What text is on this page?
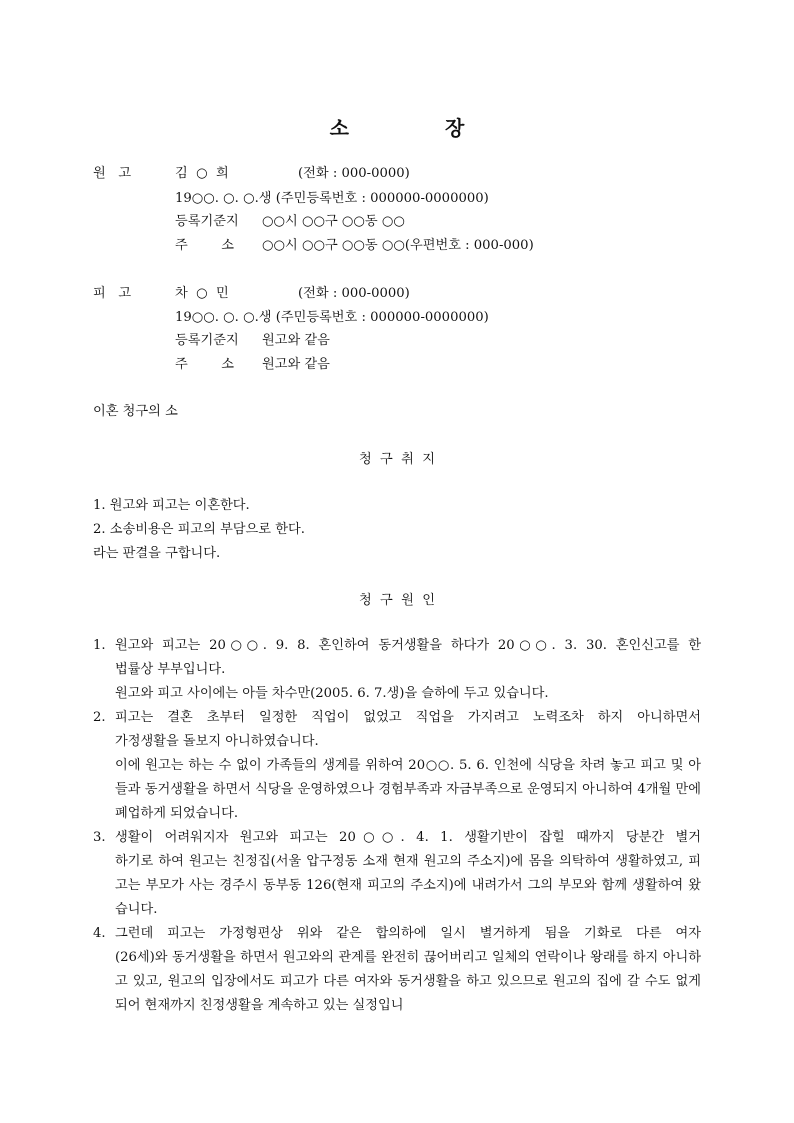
소	장
원   고	김  ○  희	(전화 : 000-0000)
19○○. ○. ○.생 (주민등록번호 : 000000-0000000)
등록기준지 ○○시 ○○구 ○○동 ○○
주        소 ○○시 ○○구 ○○동 ○○(우편번호 : 000-000)
피   고	차  ○  민	(전화 : 000-0000)
19○○. ○. ○.생 (주민등록번호 : 000000-0000000)
등록기준지 원고와 같음
주        소 원고와 같음
이혼 청구의 소
청  구  취  지
1. 원고와 피고는 이혼한다.
2. 소송비용은 피고의 부담으로 한다.
라는 판결을 구합니다.
청  구  원  인
1. 원고와 피고는 20○○. 9. 8. 혼인하여 동거생활을 하다가 20○○. 3. 30. 혼인신고를 한
법률상 부부입니다.
원고와 피고 사이에는 아들 차수만(2005. 6. 7.생)을 슬하에 두고 있습니다.
2. 피고는 결혼 초부터 일정한 직업이 없었고 직업을 가지려고 노력조차 하지 아니하면서
가정생활을 돌보지 아니하였습니다.
이에 원고는 하는 수 없이 가족들의 생계를 위하여 20○○. 5. 6. 인천에 식당을 차려 놓고 피고 및 아들과 동거생활을 하면서 식당을 운영하였으나 경험부족과 자금부족으로 운영되지 아니하여 4개월 만에 폐업하게 되었습니다.
3. 생활이 어려워지자 원고와 피고는 20○○. 4. 1. 생활기반이 잡힐 때까지 당분간 별거
하기로 하여 원고는 친정집(서울 압구정동 소재 현재 원고의 주소지)에 몸을 의탁하여 생활하였고, 피고는 부모가 사는 경주시 동부동 126(현재 피고의 주소지)에 내려가서 그의 부모와 함께 생활하여 왔습니다.
4. 그런데 피고는 가정형편상 위와 같은 합의하에 일시 별거하게 됨을 기화로 다른 여자
(26세)와 동거생활을 하면서 원고와의 관계를 완전히 끊어버리고 일체의 연락이나 왕래를 하지 아니하고 있고, 원고의 입장에서도 피고가 다른 여자와 동거생활을 하고 있으므로 원고의 집에 갈 수도 없게 되어 현재까지 친정생활을 계속하고 있는 실정입니
